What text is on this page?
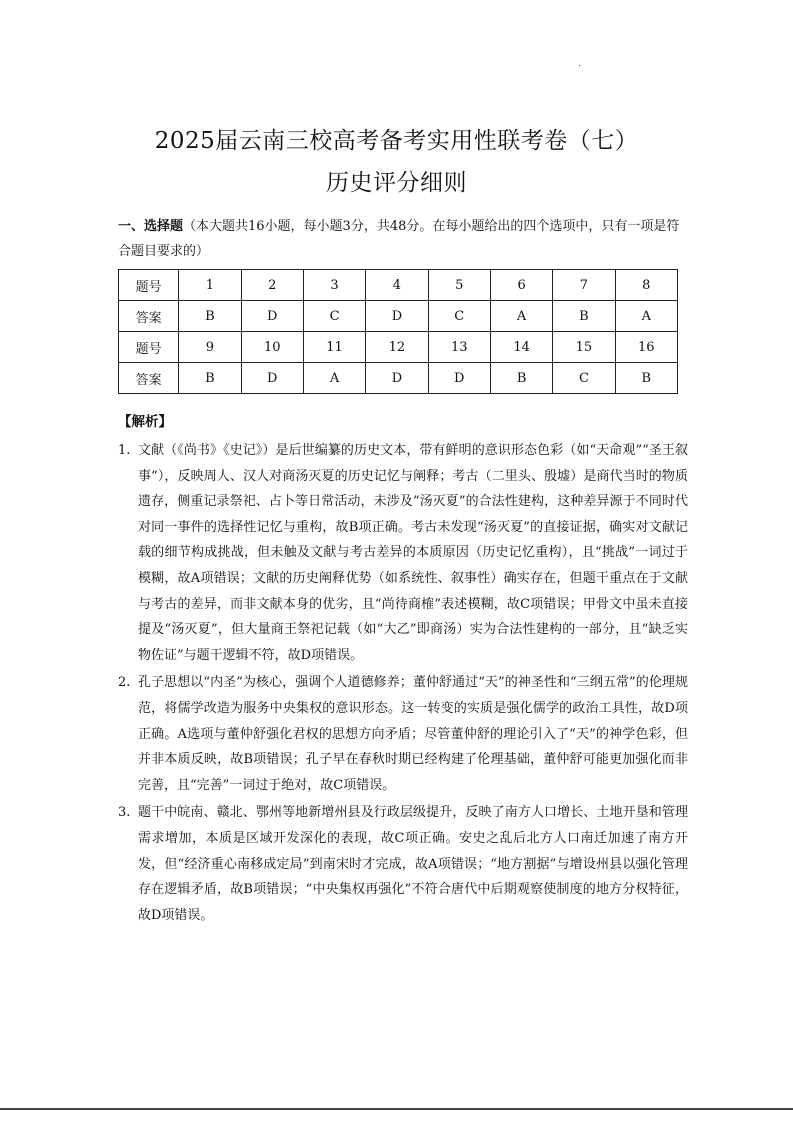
.
2025届云南三校高考备考实用性联考卷（七）
历史评分细则

一、选择题（本大题共16小题，每小题3分，共48分。在每小题给出的四个选项中，只有一项是符合题目要求的）

题号	1	2	3	4	5	6	7	8
答案	B	D	C	D	C	A	B	A
题号	9	10	11	12	13	14	15	16
答案	B	D	A	D	D	B	C	B

【解析】

1. 文献（《尚书》《史记》）是后世编纂的历史文本，带有鲜明的意识形态色彩（如“天命观”“圣王叙事”），反映周人、汉人对商汤灭夏的历史记忆与阐释；考古（二里头、殷墟）是商代当时的物质遗存，侧重记录祭祀、占卜等日常活动，未涉及“汤灭夏”的合法性建构，这种差异源于不同时代对同一事件的选择性记忆与重构，故B项正确。考古未发现“汤灭夏”的直接证据，确实对文献记载的细节构成挑战，但未触及文献与考古差异的本质原因（历史记忆重构），且“挑战”一词过于模糊，故A项错误；文献的历史阐释优势（如系统性、叙事性）确实存在，但题干重点在于文献与考古的差异，而非文献本身的优劣，且“尚待商榷”表述模糊，故C项错误；甲骨文中虽未直接提及“汤灭夏”，但大量商王祭祀记载（如“大乙”即商汤）实为合法性建构的一部分，且“缺乏实物佐证”与题干逻辑不符，故D项错误。
2. 孔子思想以“内圣”为核心，强调个人道德修养；董仲舒通过“天”的神圣性和“三纲五常”的伦理规范，将儒学改造为服务中央集权的意识形态。这一转变的实质是强化儒学的政治工具性，故D项正确。A选项与董仲舒强化君权的思想方向矛盾；尽管董仲舒的理论引入了“天”的神学色彩，但并非本质反映，故B项错误；孔子早在春秋时期已经构建了伦理基础，董仲舒可能更加强化而非完善，且“完善”一词过于绝对，故C项错误。
3. 题干中皖南、赣北、鄂州等地新增州县及行政层级提升，反映了南方人口增长、土地开垦和管理需求增加，本质是区域开发深化的表现，故C项正确。安史之乱后北方人口南迁加速了南方开发，但“经济重心南移成定局”到南宋时才完成，故A项错误；“地方割据”与增设州县以强化管理存在逻辑矛盾，故B项错误；“中央集权再强化”不符合唐代中后期观察使制度的地方分权特征，故D项错误。
